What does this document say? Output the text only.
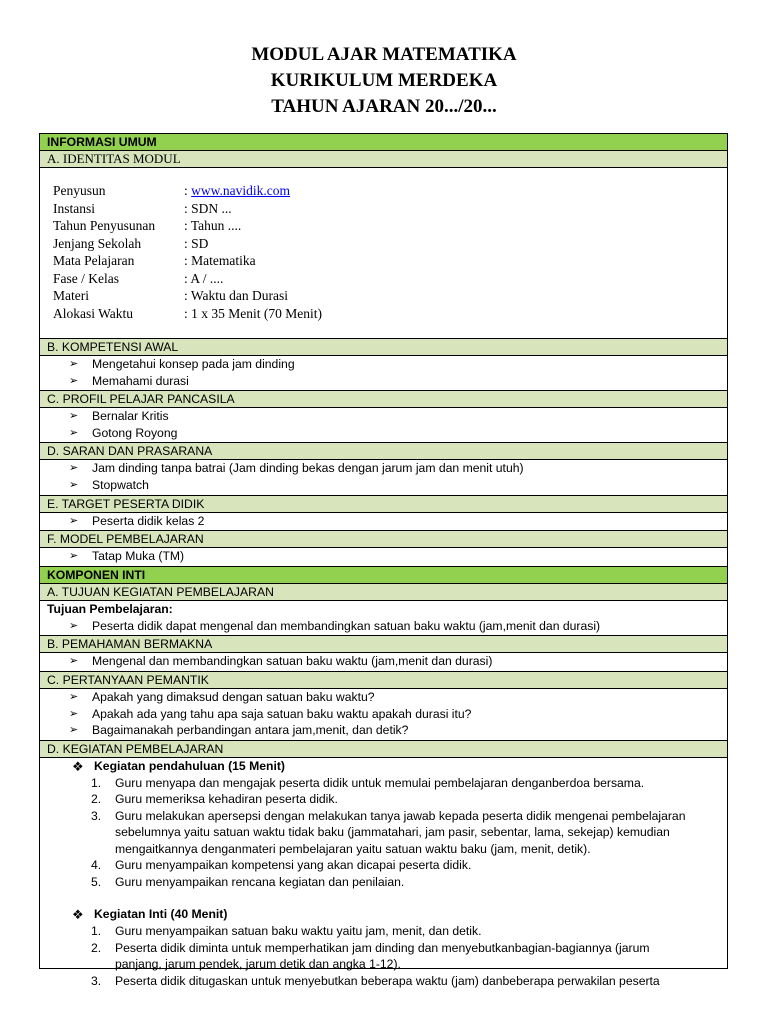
MODUL AJAR MATEMATIKA
KURIKULUM MERDEKA
TAHUN AJARAN 20.../20...
INFORMASI UMUM
A. IDENTITAS MODUL
Penyusun	: www.navidik.com
Instansi	: SDN ...
Tahun Penyusunan	: Tahun ....
Jenjang Sekolah	: SD
Mata Pelajaran	: Matematika
Fase / Kelas	: A / ....
Materi	: Waktu dan Durasi
Alokasi Waktu	: 1 x 35 Menit (70 Menit)
B. KOMPETENSI AWAL
➢	Mengetahui konsep pada jam dinding
➢	Memahami durasi
C. PROFIL PELAJAR PANCASILA
➢	Bernalar Kritis
➢	Gotong Royong
D. SARAN DAN PRASARANA
➢	Jam dinding tanpa batrai (Jam dinding bekas dengan jarum jam dan menit utuh)
➢	Stopwatch
E. TARGET PESERTA DIDIK
➢	Peserta didik kelas 2
F. MODEL PEMBELAJARAN
➢	Tatap Muka (TM)
KOMPONEN INTI
A. TUJUAN KEGIATAN PEMBELAJARAN
Tujuan Pembelajaran:
➢	Peserta didik dapat mengenal dan membandingkan satuan baku waktu (jam,menit dan durasi)
B. PEMAHAMAN BERMAKNA
➢	Mengenal dan membandingkan satuan baku waktu (jam,menit dan durasi)
C. PERTANYAAN PEMANTIK
➢	Apakah yang dimaksud dengan satuan baku waktu?
➢	Apakah ada yang tahu apa saja satuan baku waktu apakah durasi itu?
➢	Bagaimanakah perbandingan antara jam,menit, dan detik?
D. KEGIATAN PEMBELAJARAN
❖ Kegiatan pendahuluan (15 Menit)
1.	Guru menyapa dan mengajak peserta didik untuk memulai pembelajaran denganberdoa bersama.
2.	Guru memeriksa kehadiran peserta didik.
3.	Guru melakukan apersepsi dengan melakukan tanya jawab kepada peserta didik mengenai pembelajaran
sebelumnya yaitu satuan waktu tidak baku (jammatahari, jam pasir, sebentar, lama, sekejap) kemudian
mengaitkannya denganmateri pembelajaran yaitu satuan waktu baku (jam, menit, detik).
4.	Guru menyampaikan kompetensi yang akan dicapai peserta didik.
5.	Guru menyampaikan rencana kegiatan dan penilaian.
❖ Kegiatan Inti (40 Menit)
1.	Guru menyampaikan satuan baku waktu yaitu jam, menit, dan detik.
2.	Peserta didik diminta untuk memperhatikan jam dinding dan menyebutkanbagian-bagiannya (jarum
panjang, jarum pendek, jarum detik dan angka 1-12).
3.	Peserta didik ditugaskan untuk menyebutkan beberapa waktu (jam) danbeberapa perwakilan peserta
